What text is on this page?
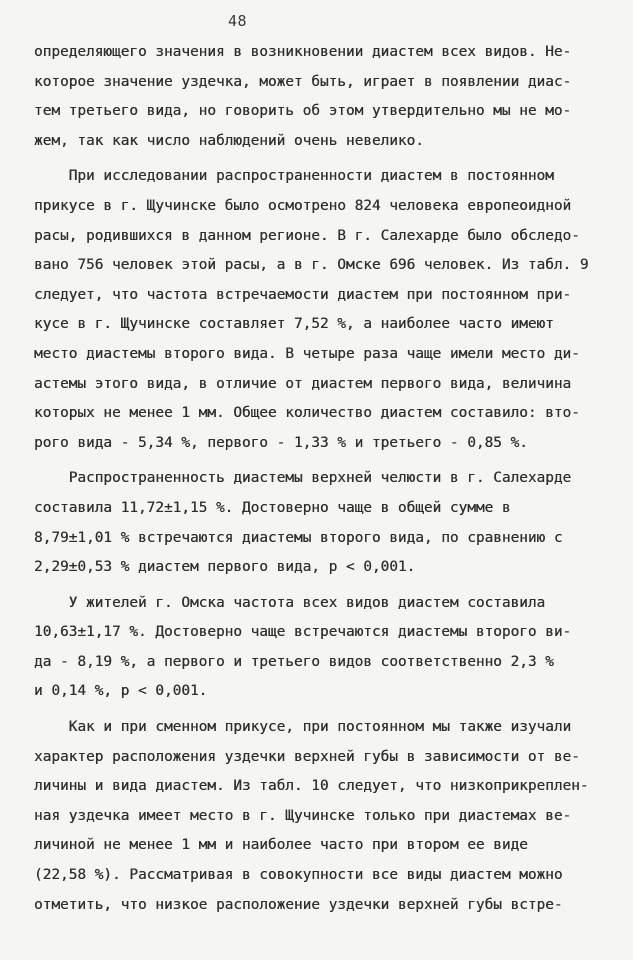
48
определяющего значения в возникновении диастем всех видов. Не-
которое значение уздечка, может быть, играет в появлении диас-
тем третьего вида, но говорить об этом утвердительно мы не мо-
жем, так как число наблюдений очень невелико.
При исследовании распространенности диастем в постоянном
прикусе в г. Щучинске было осмотрено 824 человека европеоидной
расы, родившихся в данном регионе. В г. Салехарде было обследо-
вано 756 человек этой расы, а в г. Омске 696 человек. Из табл. 9
следует, что частота встречаемости диастем при постоянном при-
кусе в г. Щучинске составляет 7,52 %, а наиболее часто имеют
место диастемы второго вида. В четыре раза чаще имели место ди-
астемы этого вида, в отличие от диастем первого вида, величина
которых не менее 1 мм. Общее количество диастем составило: вто-
рого вида - 5,34 %, первого - 1,33 % и третьего - 0,85 %.
Распространенность диастемы верхней челюсти в г. Салехарде
составила 11,72±1,15 %. Достоверно чаще в общей сумме в
8,79±1,01 % встречаются диастемы второго вида, по сравнению с
2,29±0,53 % диастем первого вида, р < 0,001.
У жителей г. Омска частота всех видов диастем составила
10,63±1,17 %. Достоверно чаще встречаются диастемы второго ви-
да - 8,19 %, а первого и третьего видов соответственно 2,3 %
и 0,14 %, р < 0,001.
Как и при сменном прикусе, при постоянном мы также изучали
характер расположения уздечки верхней губы в зависимости от ве-
личины и вида диастем. Из табл. 10 следует, что низкоприкреплен-
ная уздечка имеет место в г. Щучинске только при диастемах ве-
личиной не менее 1 мм и наиболее часто при втором ее виде
(22,58 %). Рассматривая в совокупности все виды диастем можно
отметить, что низкое расположение уздечки верхней губы встре-
